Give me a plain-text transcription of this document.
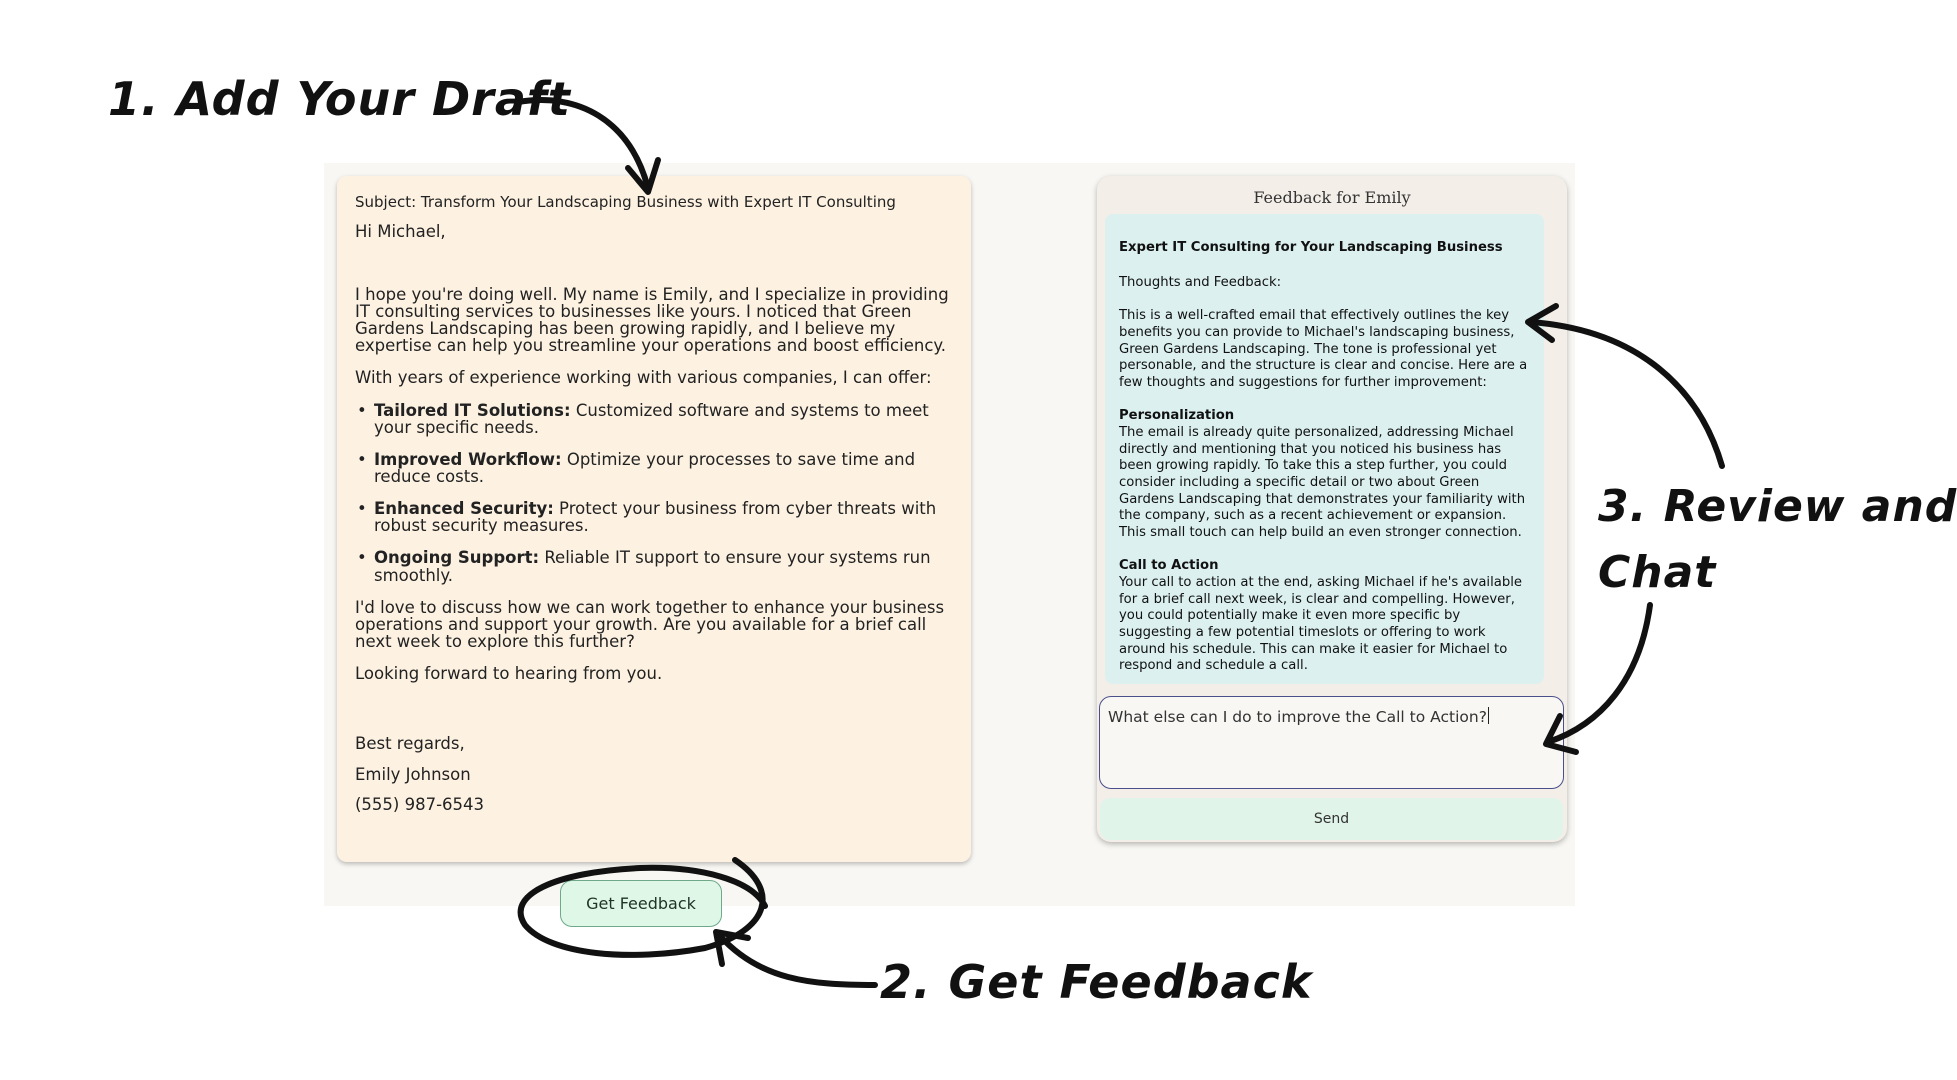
1. Add Your Draft
2. Get Feedback
3. Review and
Chat
Subject: Transform Your Landscaping Business with Expert IT Consulting
Hi Michael,
I hope you're doing well. My name is Emily, and I specialize in providing IT consulting services to businesses like yours. I noticed that Green Gardens Landscaping has been growing rapidly, and I believe my expertise can help you streamline your operations and boost efficiency.
With years of experience working with various companies, I can offer:
• Tailored IT Solutions: Customized software and systems to meet your specific needs.
• Improved Workflow: Optimize your processes to save time and reduce costs.
• Enhanced Security: Protect your business from cyber threats with robust security measures.
• Ongoing Support: Reliable IT support to ensure your systems run smoothly.
I'd love to discuss how we can work together to enhance your business operations and support your growth. Are you available for a brief call next week to explore this further?
Looking forward to hearing from you.
Best regards,
Emily Johnson
(555) 987-6543
Get Feedback
Feedback for Emily
Expert IT Consulting for Your Landscaping Business
Thoughts and Feedback:
This is a well-crafted email that effectively outlines the key benefits you can provide to Michael's landscaping business, Green Gardens Landscaping. The tone is professional yet personable, and the structure is clear and concise. Here are a few thoughts and suggestions for further improvement:
Personalization
The email is already quite personalized, addressing Michael directly and mentioning that you noticed his business has been growing rapidly. To take this a step further, you could consider including a specific detail or two about Green Gardens Landscaping that demonstrates your familiarity with the company, such as a recent achievement or expansion. This small touch can help build an even stronger connection.
Call to Action
Your call to action at the end, asking Michael if he's available for a brief call next week, is clear and compelling. However, you could potentially make it even more specific by suggesting a few potential timeslots or offering to work around his schedule. This can make it easier for Michael to respond and schedule a call.
What else can I do to improve the Call to Action?
Send
